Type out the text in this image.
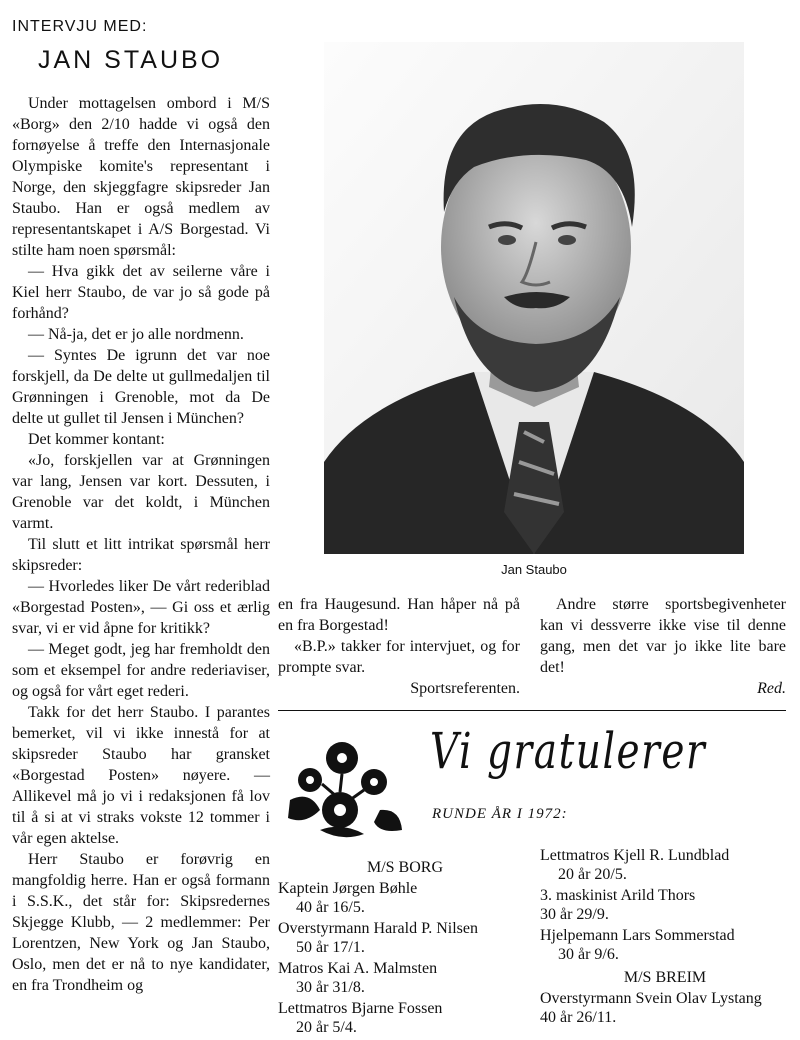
INTERVJU MED:
JAN STAUBO

Under mottagelsen ombord i M/S «Borg» den 2/10 hadde vi også den fornøyelse å treffe den Internasjonale Olympiske komite's representant i Norge, den skjeggfagre skipsreder Jan Staubo. Han er også medlem av representantskapet i A/S Borgestad. Vi stilte ham noen spørsmål:

— Hva gikk det av seilerne våre i Kiel herr Staubo, de var jo så gode på forhånd?

— Nå-ja, det er jo alle nordmenn.

— Syntes De igrunn det var noe forskjell, da De delte ut gullmedaljen til Grønningen i Grenoble, mot da De delte ut gullet til Jensen i München?

Det kommer kontant:

«Jo, forskjellen var at Grønningen var lang, Jensen var kort. Dessuten, i Grenoble var det koldt, i München varmt.

Til slutt et litt intrikat spørsmål herr skipsreder:

— Hvorledes liker De vårt rederiblad «Borgestad Posten», — Gi oss et ærlig svar, vi er vid åpne for kritikk?

— Meget godt, jeg har fremholdt den som et eksempel for andre rederiaviser, og også for vårt eget rederi.

Takk for det herr Staubo. I parantes bemerket, vil vi ikke innestå for at skipsreder Staubo har gransket «Borgestad Posten» nøyere. — Allikevel må jo vi i redaksjonen få lov til å si at vi straks vokste 12 tommer i vår egen aktelse.

Herr Staubo er forøvrig en mangfoldig herre. Han er også formann i S.S.K., det står for: Skipsredernes Skjegge Klubb, — 2 medlemmer: Per Lorentzen, New York og Jan Staubo, Oslo, men det er nå to nye kandidater, en fra Trondheim og

Jan Staubo

en fra Haugesund. Han håper nå på en fra Borgestad!

«B.P.» takker for intervjuet, og for prompte svar.

Sportsreferenten.

Andre større sportsbegivenheter kan vi dessverre ikke vise til denne gang, men det var jo ikke lite bare det!

Red.

Vi gratulerer
RUNDE ÅR I 1972:
M/S BORG
Kaptein Jørgen Bøhle
40 år 16/5.
Overstyrmann Harald P. Nilsen
50 år 17/1.
Matros Kai A. Malmsten
30 år 31/8.
Lettmatros Bjarne Fossen
20 år 5/4.
Lettmatros Kjell R. Lundblad
20 år 20/5.
3. maskinist Arild Thors
30 år 29/9.
Hjelpemann Lars Sommerstad
30 år 9/6.
M/S BREIM
Overstyrmann Svein Olav Lystang
40 år 26/11.
